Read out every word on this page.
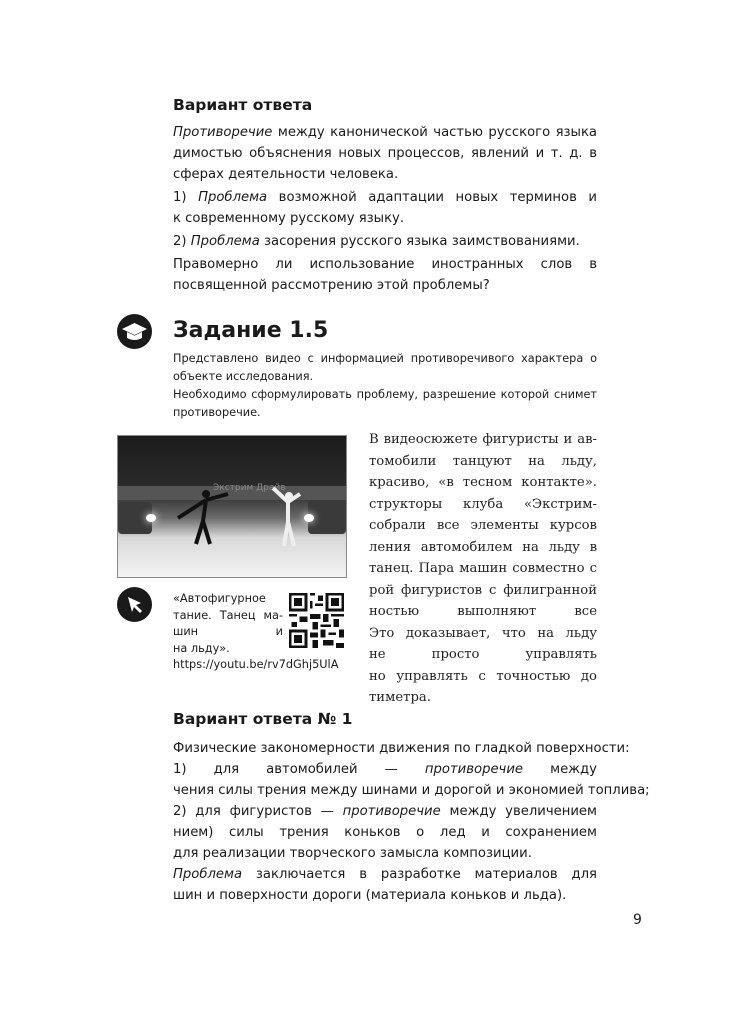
Вариант ответа
Противоречие между канонической частью русского языка
димостью объяснения новых процессов, явлений и т. д. в
сферах деятельности человека.
1) Проблема возможной адаптации новых терминов и
к современному русскому языку.
2) Проблема засорения русского языка заимствованиями.
Правомерно ли использование иностранных слов в
посвященной рассмотрению этой проблемы?
Задание 1.5
Представлено видео с информацией противоречивого характера о
объекте исследования.
Необходимо сформулировать проблему, разрешение которой снимет
противоречие.
Экстрим Драйв
В видеосюжете фигуристы и ав-
томобили танцуют на льду,
красиво, «в тесном контакте».
структоры клуба «Экстрим-
собрали все элементы курсов
ления автомобилем на льду в
танец. Пара машин совместно с
рой фигуристов с филигранной
ностью выполняют все
Это доказывает, что на льду
не просто управлять
но управлять с точностью до
тиметра.
«Автофигурное
тание. Танец ма-
шин и
на льду».
https://youtu.be/rv7dGhj5UlA
Вариант ответа № 1
Физические закономерности движения по гладкой поверхности:
1) для автомобилей — противоречие между
чения силы трения между шинами и дорогой и экономией топлива;
2) для фигуристов — противоречие между увеличением
нием) силы трения коньков о лед и сохранением
для реализации творческого замысла композиции.
Проблема заключается в разработке материалов для
шин и поверхности дороги (материала коньков и льда).
9
